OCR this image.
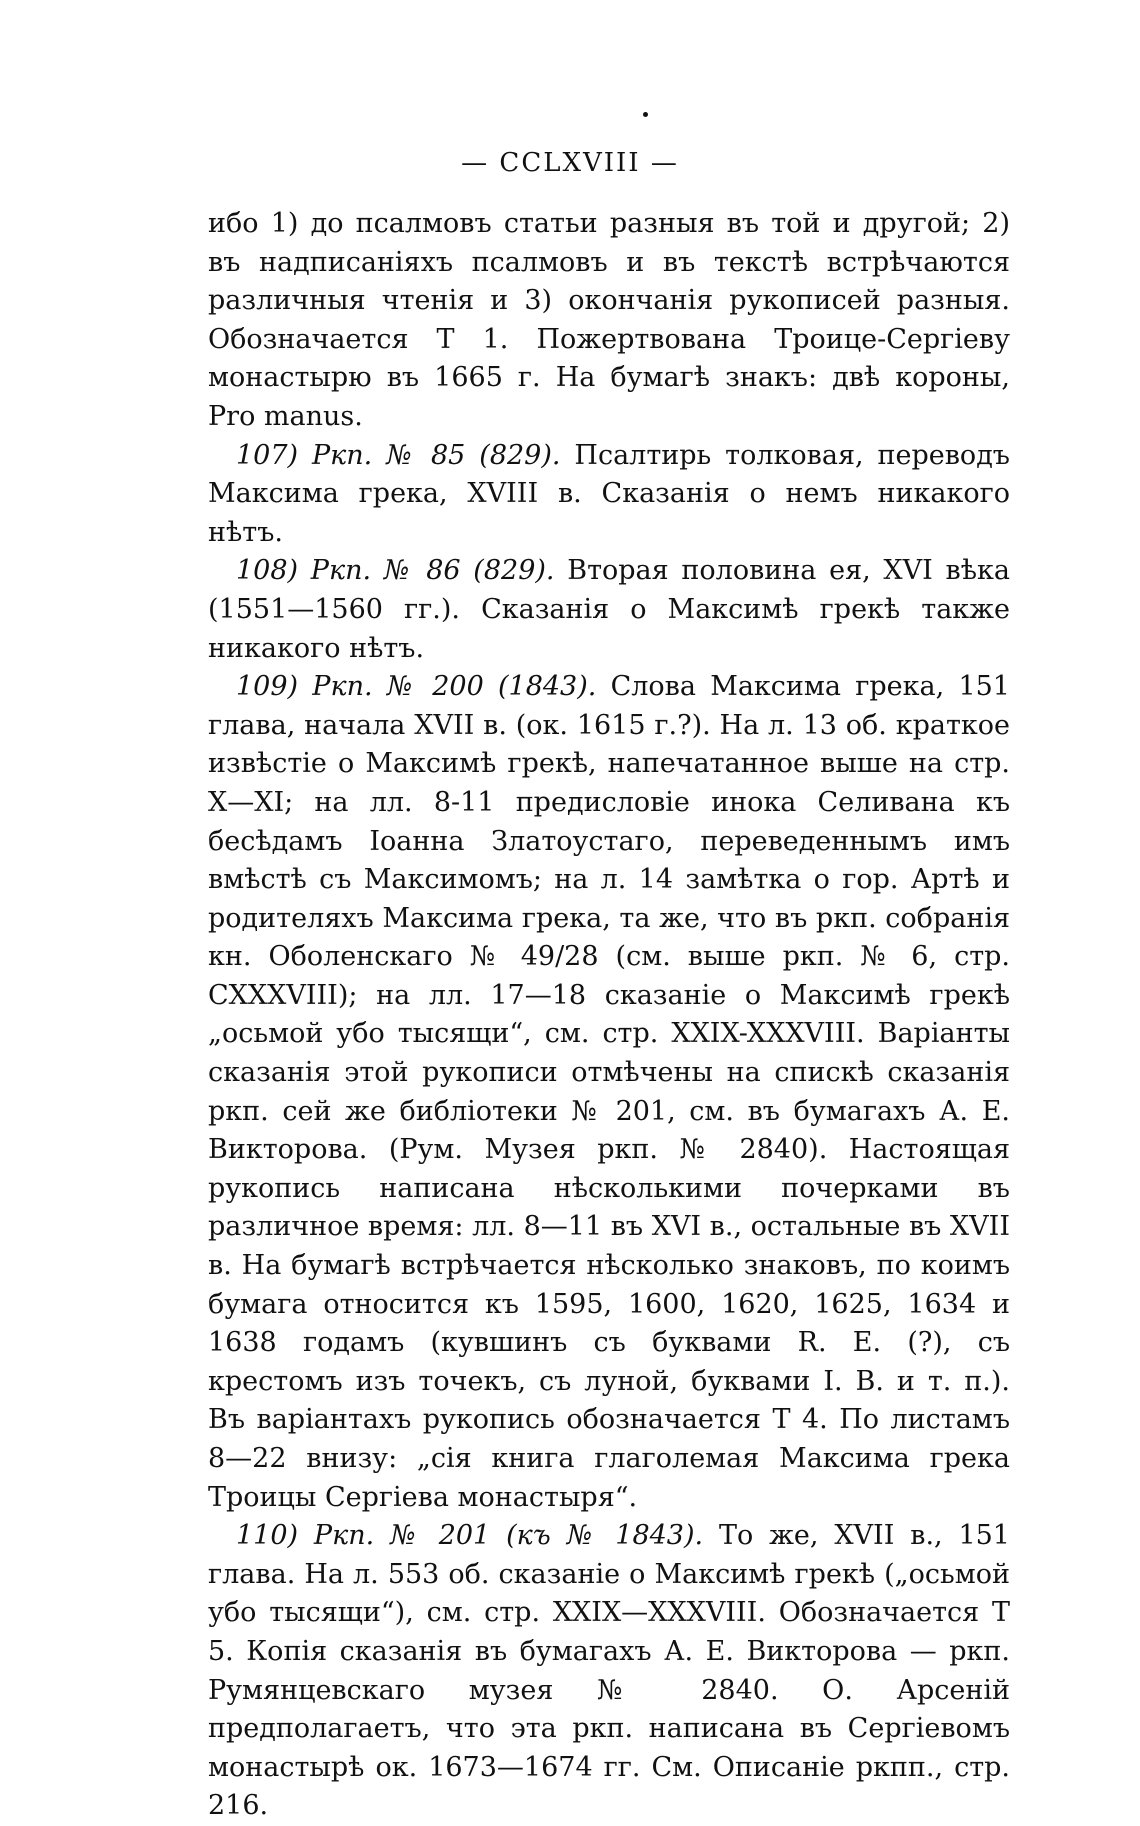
— CCLXVIII —

ибо 1) до псалмовъ статьи разныя въ той и другой; 2) въ надписаніяхъ псалмовъ и въ текстѣ встрѣчаются различныя чтенія и 3) окончанія рукописей разныя. Обозначается Т 1. Пожертвована Троице-Сергіеву монастырю въ 1665 г. На бумагѣ знакъ: двѣ короны, Pro manus.

107) Ркп. № 85 (829). Псалтирь толковая, переводъ Максима грека, XVIII в. Сказанія о немъ никакого нѣтъ.

108) Ркп. № 86 (829). Вторая половина ея, XVI вѣка (1551—1560 гг.). Сказанія о Максимѣ грекѣ также никакого нѣтъ.

109) Ркп. № 200 (1843). Слова Максима грека, 151 глава, начала XVII в. (ок. 1615 г.?). На л. 13 об. краткое извѣстіе о Максимѣ грекѣ, напечатанное выше на стр. X—XI; на лл. 8-11 предисловіе инока Селивана къ бесѣдамъ Іоанна Златоустаго, переведеннымъ имъ вмѣстѣ съ Максимомъ; на л. 14 замѣтка о гор. Артѣ и родителяхъ Максима грека, та же, что въ ркп. собранія кн. Оболенскаго № 49/28 (см. выше ркп. № 6, стр. CXXXVIII); на лл. 17—18 сказаніе о Максимѣ грекѣ „осьмой убо тысящи“, см. стр. XXIX-XXXVIII. Варіанты сказанія этой рукописи отмѣчены на спискѣ сказанія ркп. сей же библіотеки № 201, см. въ бумагахъ А. Е. Викторова. (Рум. Музея ркп. № 2840). Настоящая рукопись написана нѣсколькими почерками въ различное время: лл. 8—11 въ XVI в., остальные въ XVII в. На бумагѣ встрѣчается нѣсколько знаковъ, по коимъ бумага относится къ 1595, 1600, 1620, 1625, 1634 и 1638 годамъ (кувшинъ съ буквами R. E. (?), съ крестомъ изъ точекъ, съ луной, буквами I. В. и т. п.). Въ варіантахъ рукопись обозначается Т 4. По листамъ 8—22 внизу: „сія книга глаголемая Максима грека Троицы Сергіева монастыря“.

110) Ркп. № 201 (къ № 1843). То же, XVII в., 151 глава. На л. 553 об. сказаніе о Максимѣ грекѣ („осьмой убо тысящи“), см. стр. XXIX—XXXVIII. Обозначается Т 5. Копія сказанія въ бумагахъ А. Е. Викторова — ркп. Румянцевскаго музея № 2840. О. Арсеній предполагаетъ, что эта ркп. написана въ Сергіевомъ монастырѣ ок. 1673—1674 гг. См. Описаніе ркпп., стр. 216.
